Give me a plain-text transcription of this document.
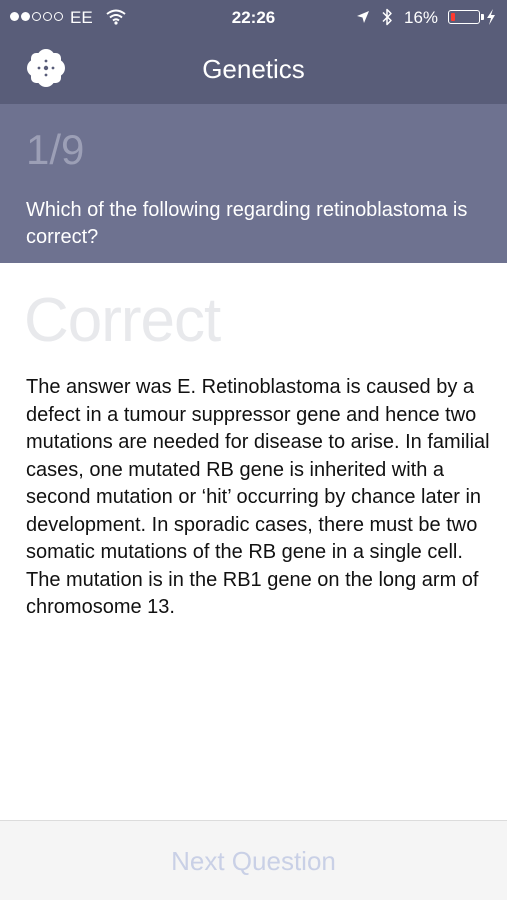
EE	22:26	16%
Genetics
1/9
Which of the following regarding retinoblastoma is correct?
Correct
The answer was E. Retinoblastoma is caused by a defect in a tumour suppressor gene and hence two mutations are needed for disease to arise. In familial cases, one mutated RB gene is inherited with a second mutation or ‘hit’ occurring by chance later in development. In sporadic cases, there must be two somatic mutations of the RB gene in a single cell. The mutation is in the RB1 gene on the long arm of chromosome 13.
Next Question
